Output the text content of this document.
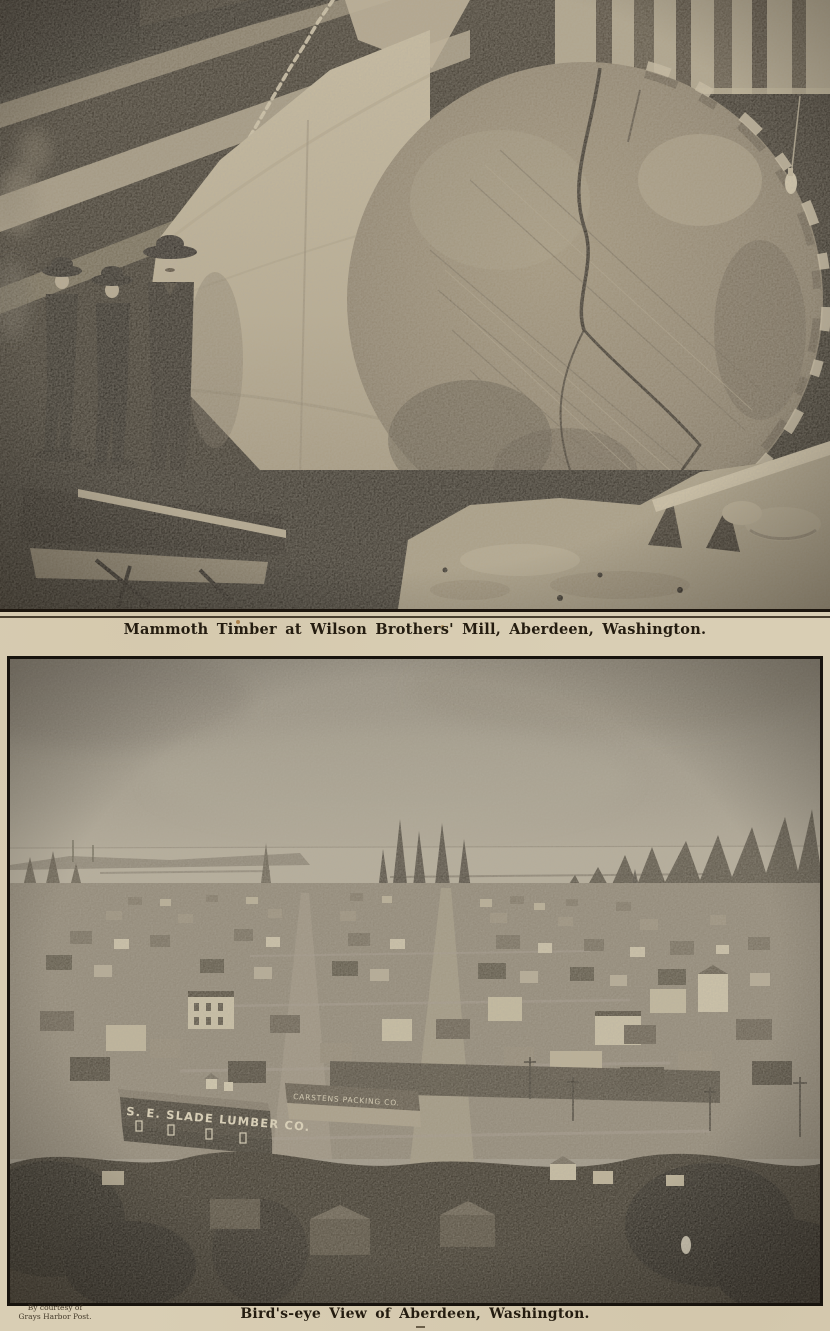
Mammoth Timber at Wilson Brothers' Mill, Aberdeen, Washington.
Bird's-eye View of Aberdeen, Washington.
By courtesy of
Grays Harbor Post.
